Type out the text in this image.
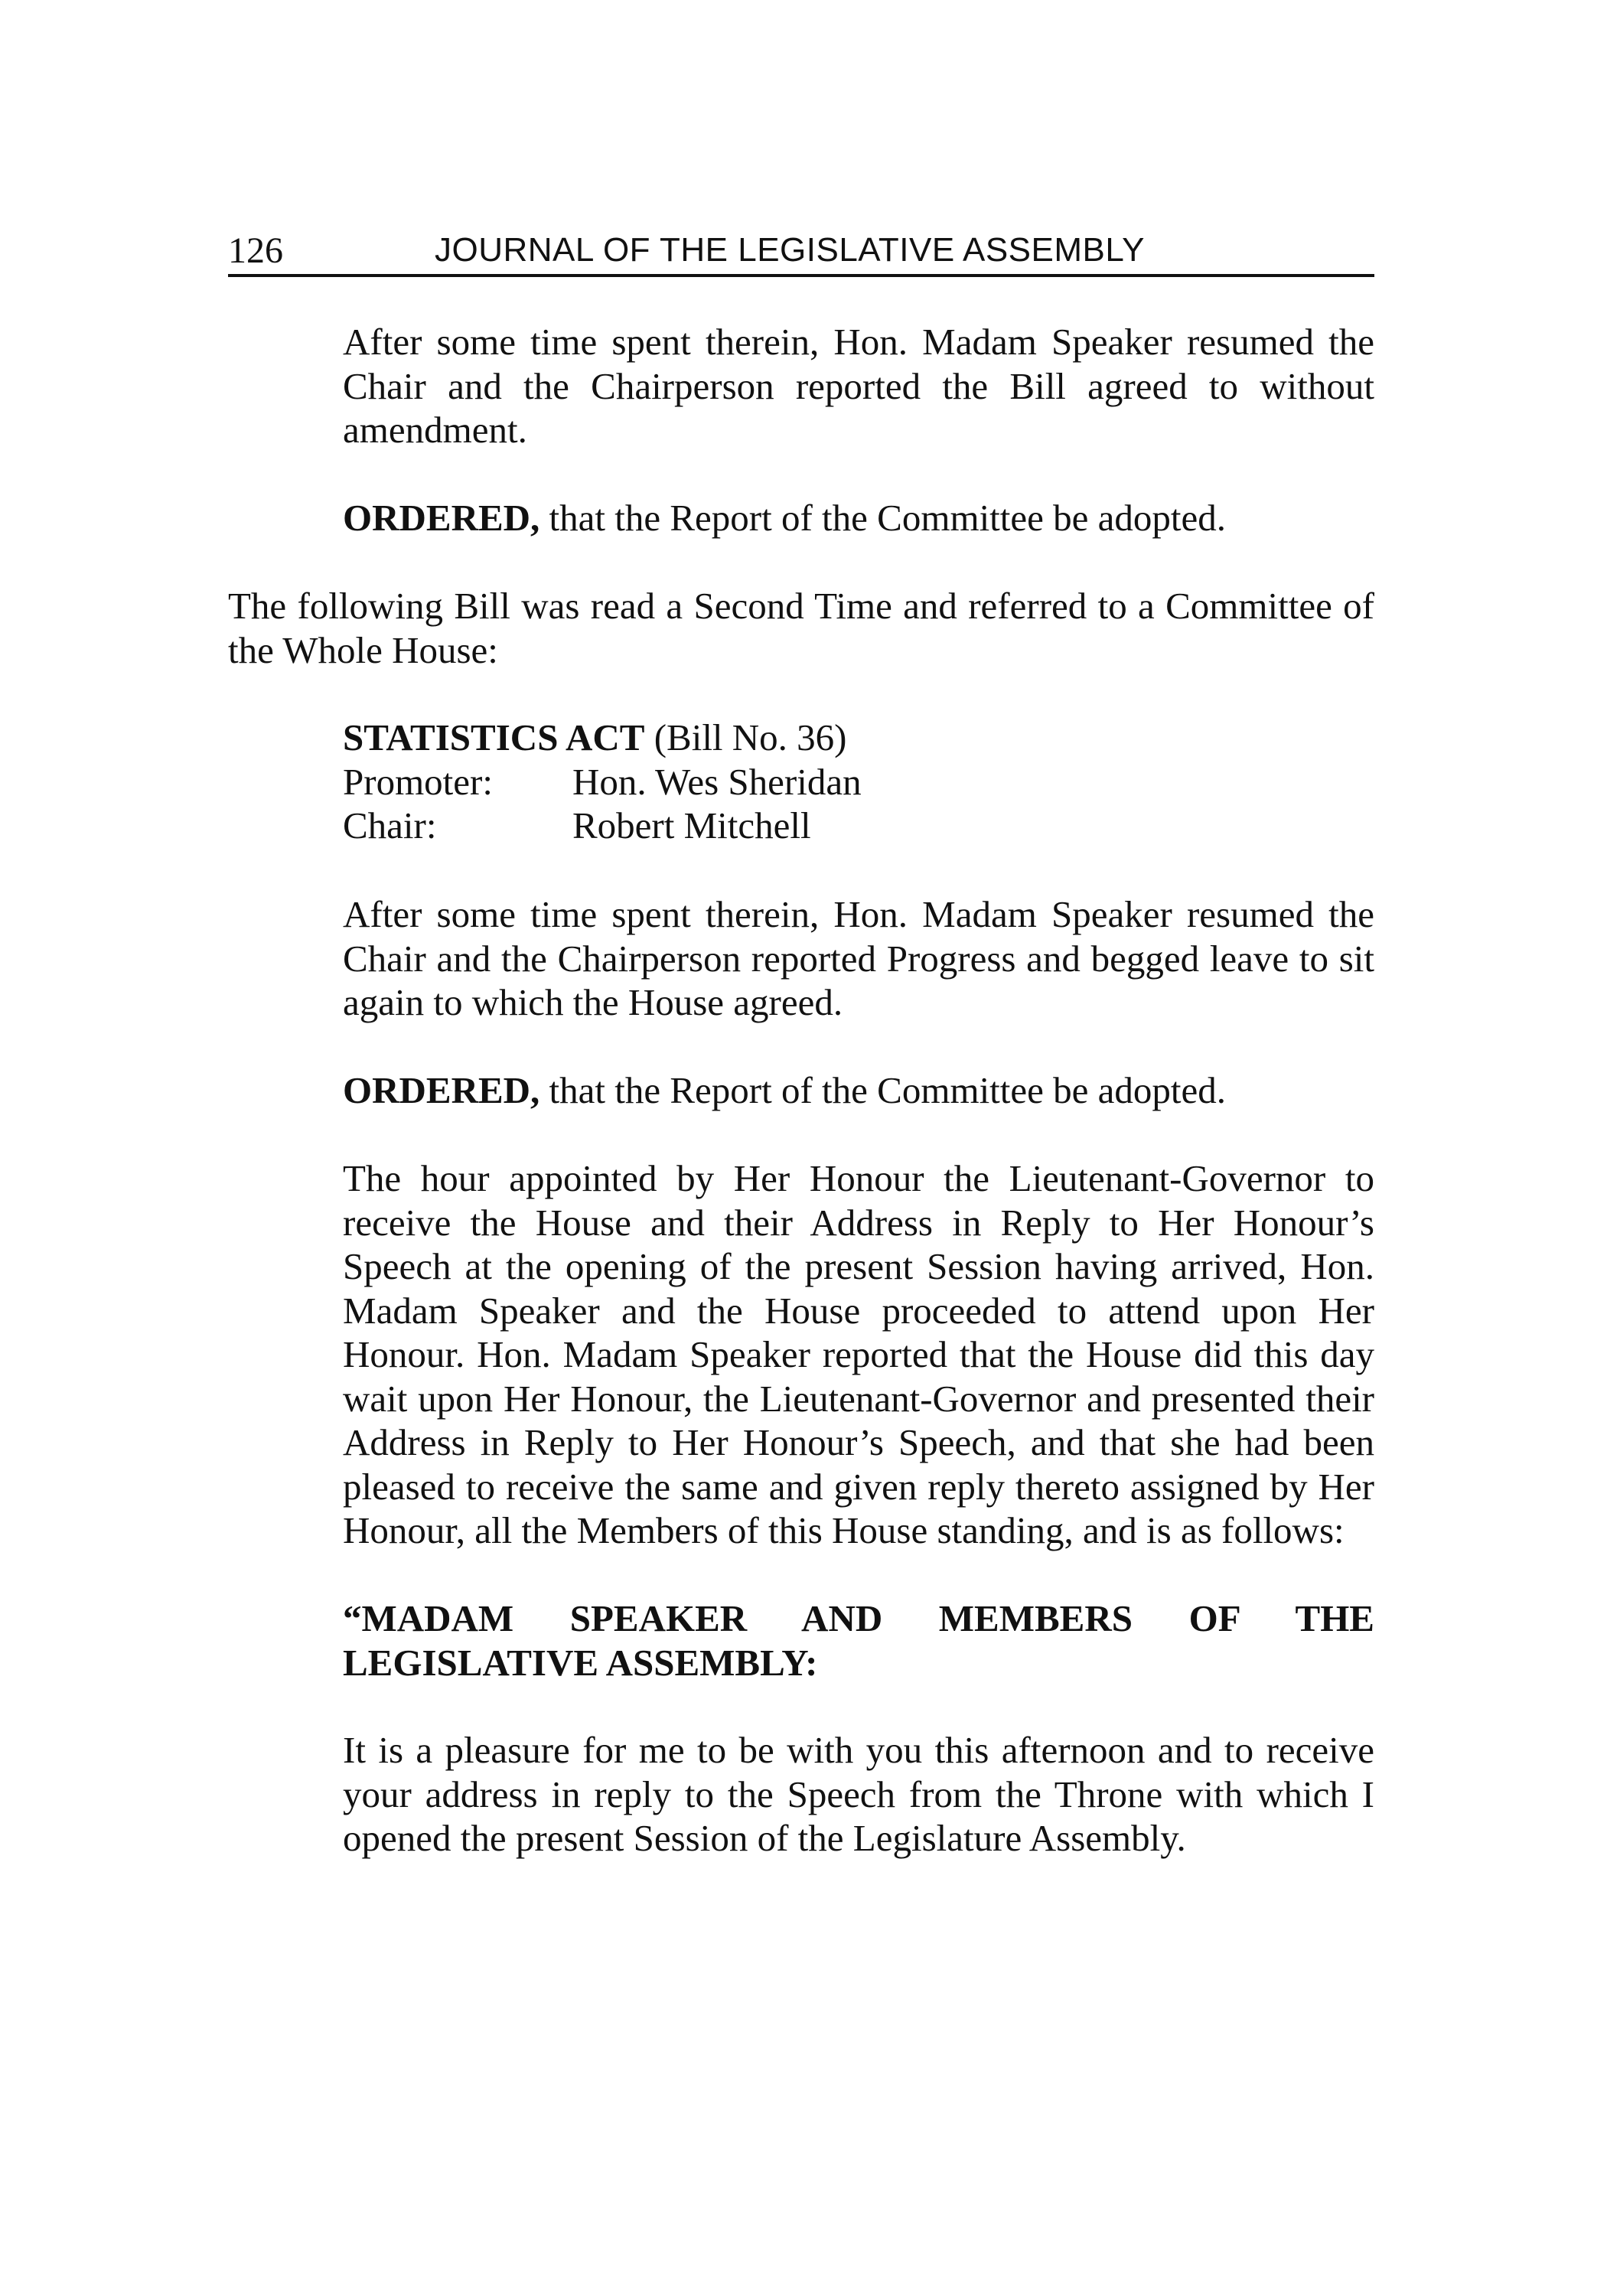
126	JOURNAL OF THE LEGISLATIVE ASSEMBLY

After some time spent therein, Hon. Madam Speaker resumed the Chair and the Chairperson reported the Bill agreed to without amendment.

ORDERED, that the Report of the Committee be adopted.

The following Bill was read a Second Time and referred to a Committee of the Whole House:

STATISTICS ACT (Bill No. 36)
Promoter:	Hon. Wes Sheridan
Chair:	Robert Mitchell

After some time spent therein, Hon. Madam Speaker resumed the Chair and the Chairperson reported Progress and begged leave to sit again to which the House agreed.

ORDERED, that the Report of the Committee be adopted.

The hour appointed by Her Honour the Lieutenant-Governor to receive the House and their Address in Reply to Her Honour’s Speech at the opening of the present Session having arrived, Hon. Madam Speaker and the House proceeded to attend upon Her Honour. Hon. Madam Speaker reported that the House did this day wait upon Her Honour, the Lieutenant-Governor and presented their Address in Reply to Her Honour’s Speech, and that she had been pleased to receive the same and given reply thereto assigned by Her Honour, all the Members of this House standing, and is as follows:

“MADAM SPEAKER AND MEMBERS OF THE
LEGISLATIVE ASSEMBLY:

It is a pleasure for me to be with you this afternoon and to receive your address in reply to the Speech from the Throne with which I opened the present Session of the Legislature Assembly.
